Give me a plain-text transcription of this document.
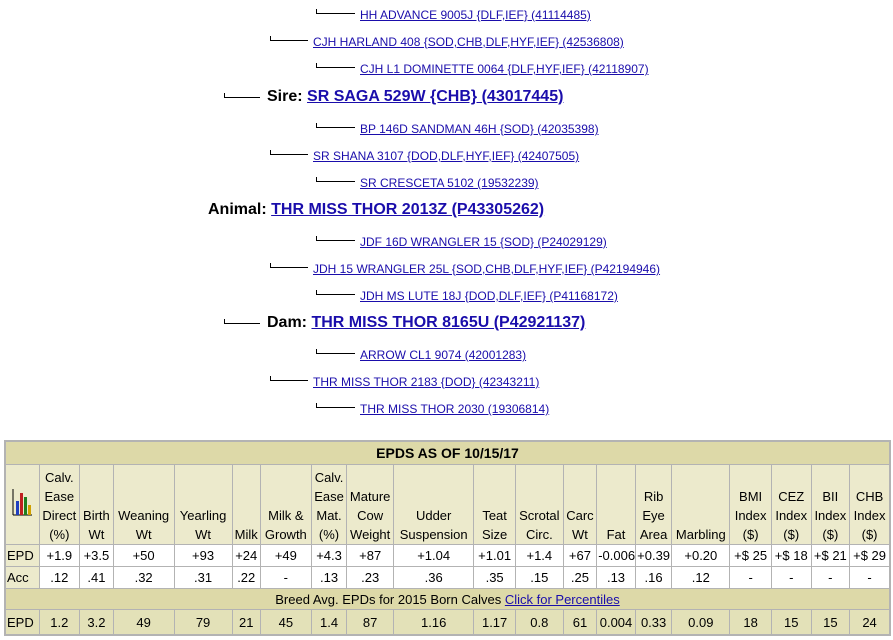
HH ADVANCE 9005J {DLF,IEF} (41114485)
CJH HARLAND 408 {SOD,CHB,DLF,HYF,IEF} (42536808)
CJH L1 DOMINETTE 0064 {DLF,HYF,IEF} (42118907)
Sire: SR SAGA 529W {CHB} (43017445)
BP 146D SANDMAN 46H {SOD} (42035398)
SR SHANA 3107 {DOD,DLF,HYF,IEF} (42407505)
SR CRESCETA 5102 (19532239)
Animal: THR MISS THOR 2013Z (P43305262)
JDF 16D WRANGLER 15 {SOD} (P24029129)
JDH 15 WRANGLER 25L {SOD,CHB,DLF,HYF,IEF} (P42194946)
JDH MS LUTE 18J {DOD,DLF,IEF} (P41168172)
Dam: THR MISS THOR 8165U (P42921137)
ARROW CL1 9074 (42001283)
THR MISS THOR 2183 {DOD} (42343211)
THR MISS THOR 2030 (19306814)
EPDS AS OF 10/15/17																			
	Calv. Ease Direct (%)	Birth Wt	Weaning Wt	Yearling Wt	Milk	Milk & Growth	Calv. Ease Mat. (%)	Mature Cow Weight	Udder Suspension	Teat Size	Scrotal Circ.	Carc Wt	Fat	Rib Eye Area	Marbling	BMI Index ($)	CEZ Index ($)	BII Index ($)	CHB Index ($)
EPD	+1.9	+3.5	+50	+93	+24	+49	+4.3	+87	+1.04	+1.01	+1.4	+67	-0.006	+0.39	+0.20	+$ 25	+$ 18	+$ 21	+$ 29
Acc	.12	.41	.32	.31	.22	-	.13	.23	.36	.35	.15	.25	.13	.16	.12	-	-	-	-
Breed Avg. EPDs for 2015 Born Calves Click for Percentiles																			
EPD	1.2	3.2	49	79	21	45	1.4	87	1.16	1.17	0.8	61	0.004	0.33	0.09	18	15	15	24
